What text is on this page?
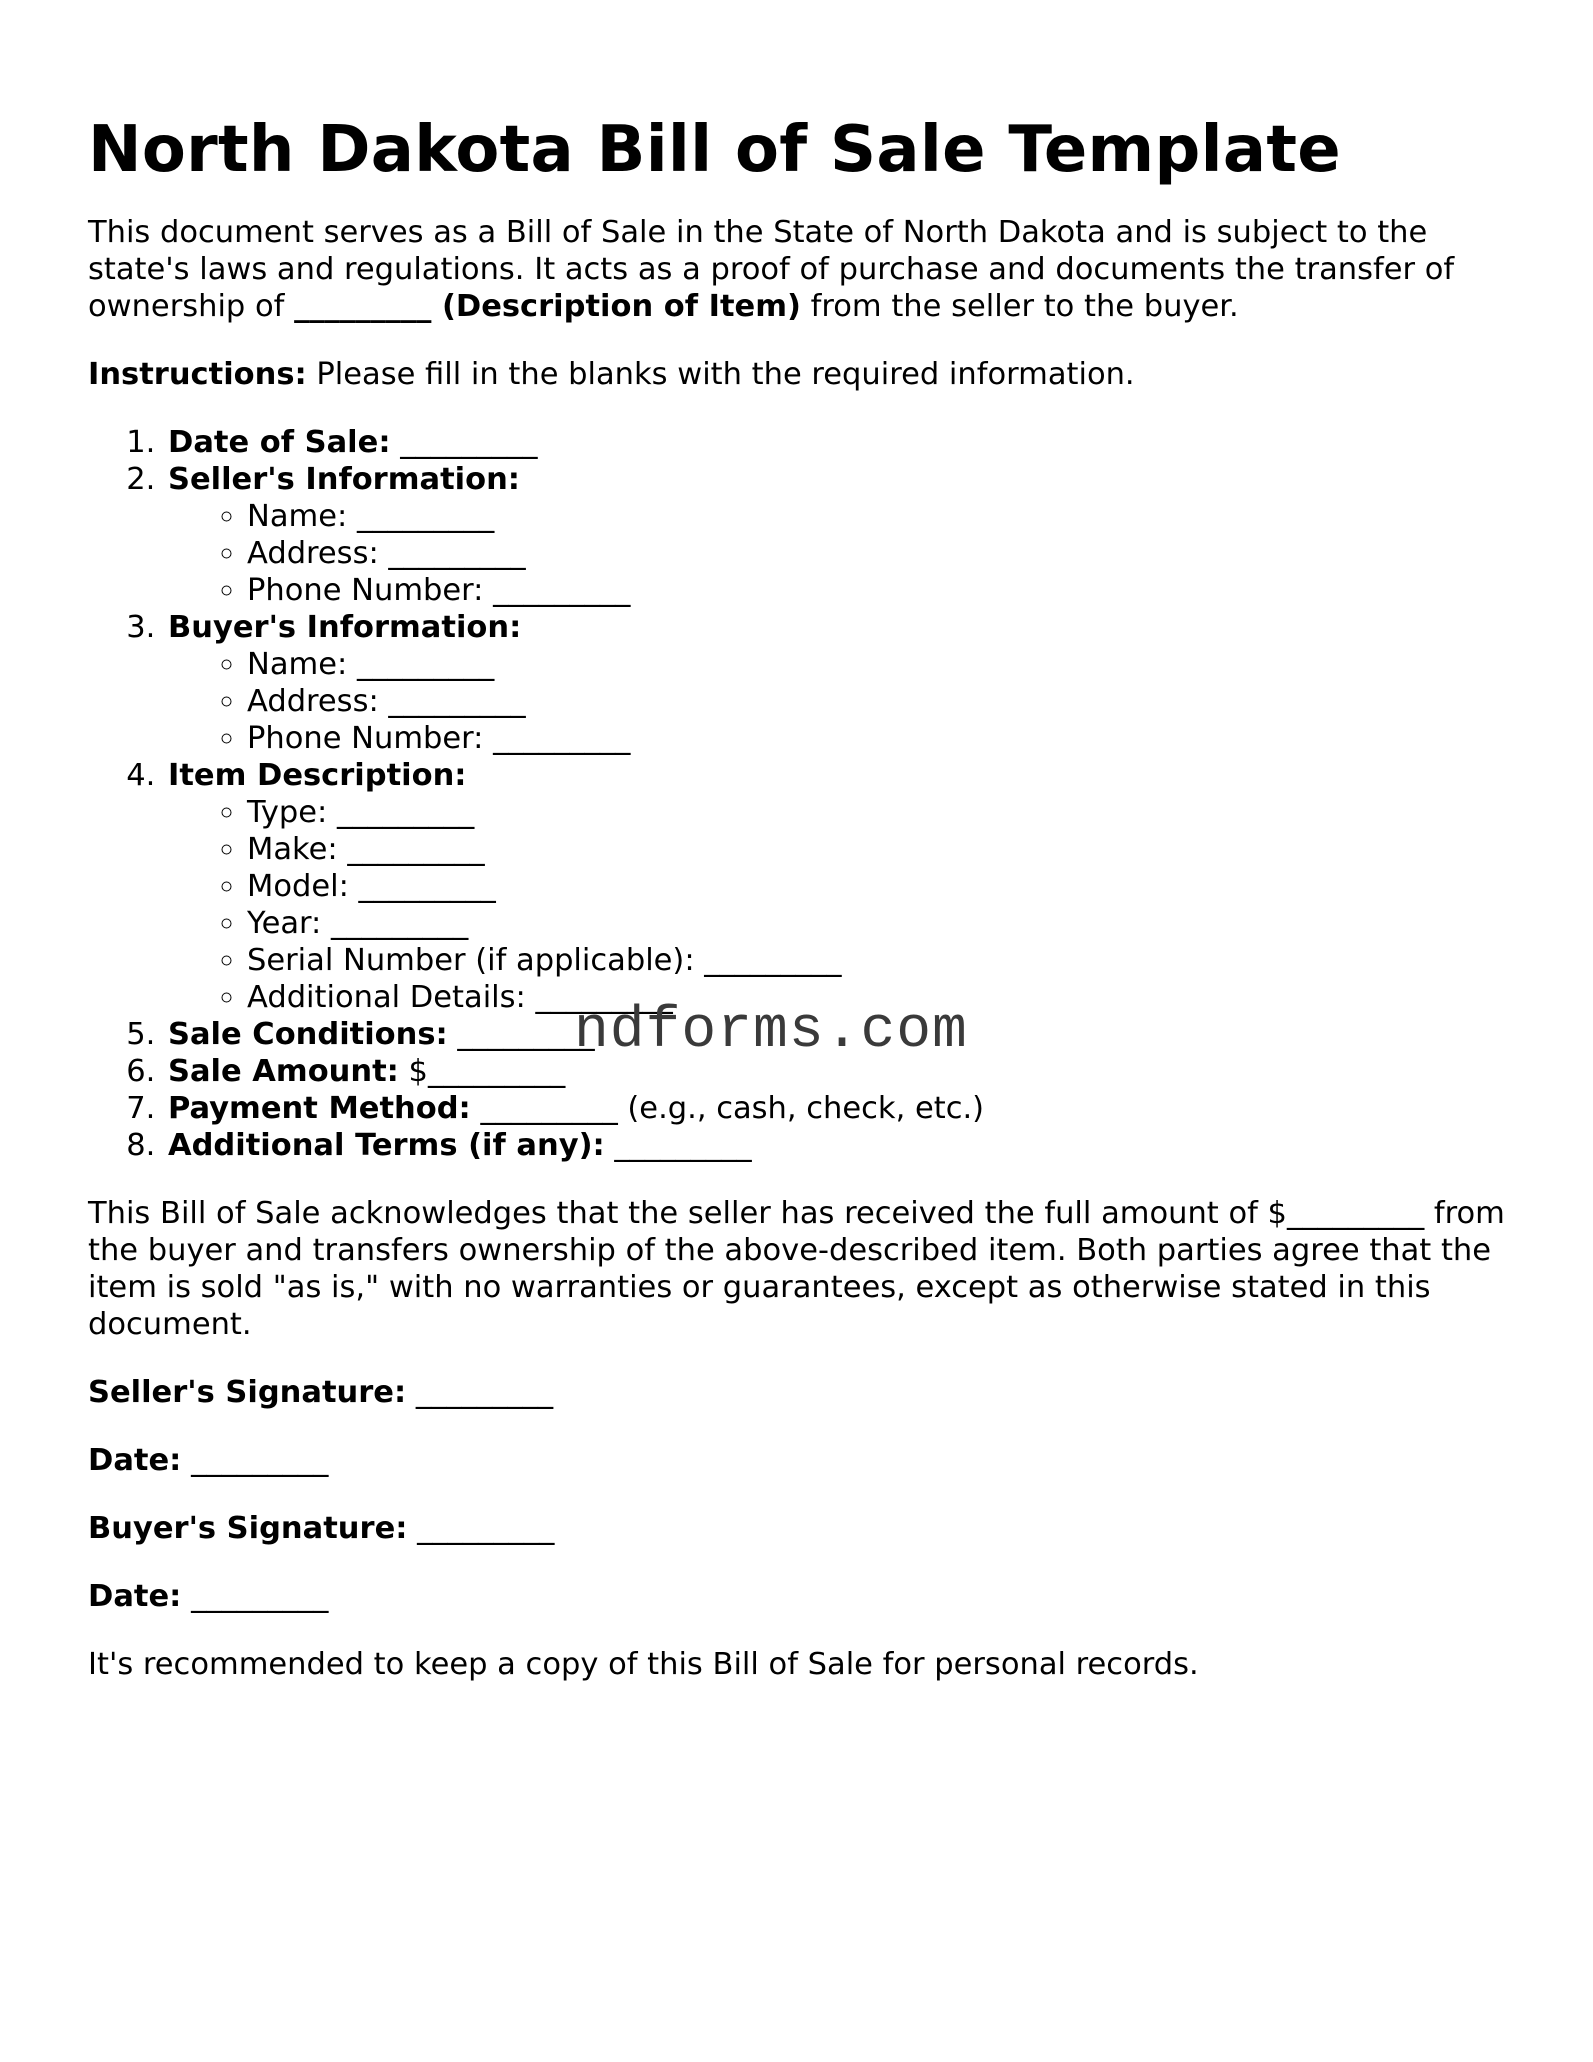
North Dakota Bill of Sale Template

This document serves as a Bill of Sale in the State of North Dakota and is subject to the state's laws and regulations. It acts as a proof of purchase and documents the transfer of ownership of _________ (Description of Item) from the seller to the buyer.

Instructions: Please fill in the blanks with the required information.

1. Date of Sale: _________
2. Seller's Information:
◦ Name: _________
◦ Address: _________
◦ Phone Number: _________
3. Buyer's Information:
◦ Name: _________
◦ Address: _________
◦ Phone Number: _________
4. Item Description:
◦ Type: _________
◦ Make: _________
◦ Model: _________
◦ Year: _________
◦ Serial Number (if applicable): _________
◦ Additional Details: _________
5. Sale Conditions: _________
6. Sale Amount: $_________
7. Payment Method: _________ (e.g., cash, check, etc.)
8. Additional Terms (if any): _________

This Bill of Sale acknowledges that the seller has received the full amount of $_________ from the buyer and transfers ownership of the above-described item. Both parties agree that the item is sold "as is," with no warranties or guarantees, except as otherwise stated in this document.

Seller's Signature: _________

Date: _________

Buyer's Signature: _________

Date: _________

It's recommended to keep a copy of this Bill of Sale for personal records.

ndforms.com
